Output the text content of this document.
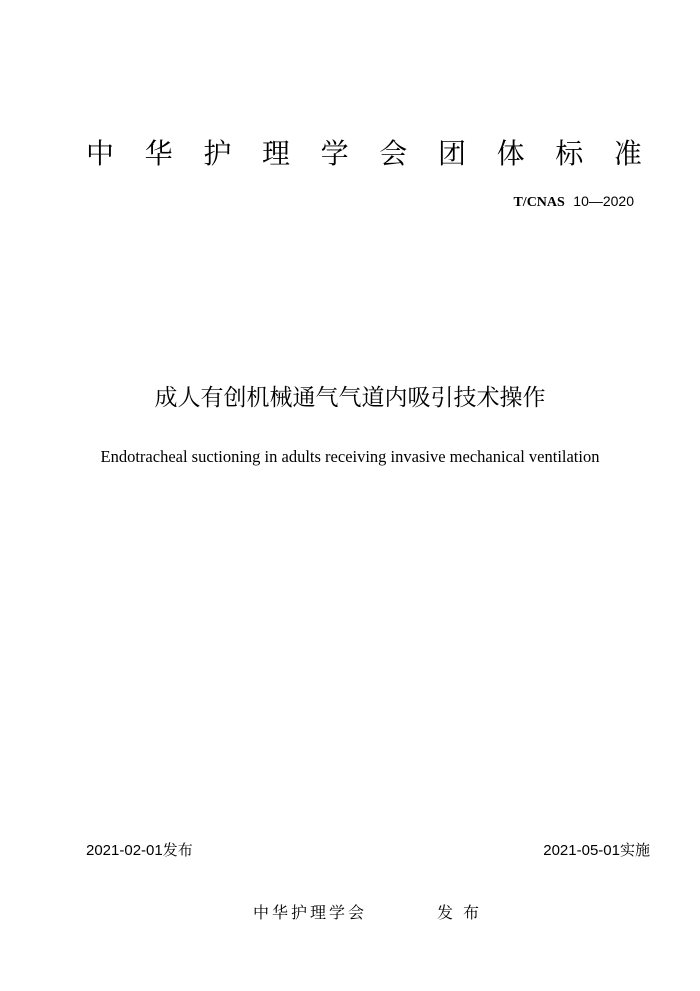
中 华 护 理 学 会 团 体 标 准
T/CNAS 10—2020
成人有创机械通气气道内吸引技术操作
Endotracheal suctioning in adults receiving invasive mechanical ventilation
2021-02-01发布	2021-05-01实施
中华护理学会	发布
